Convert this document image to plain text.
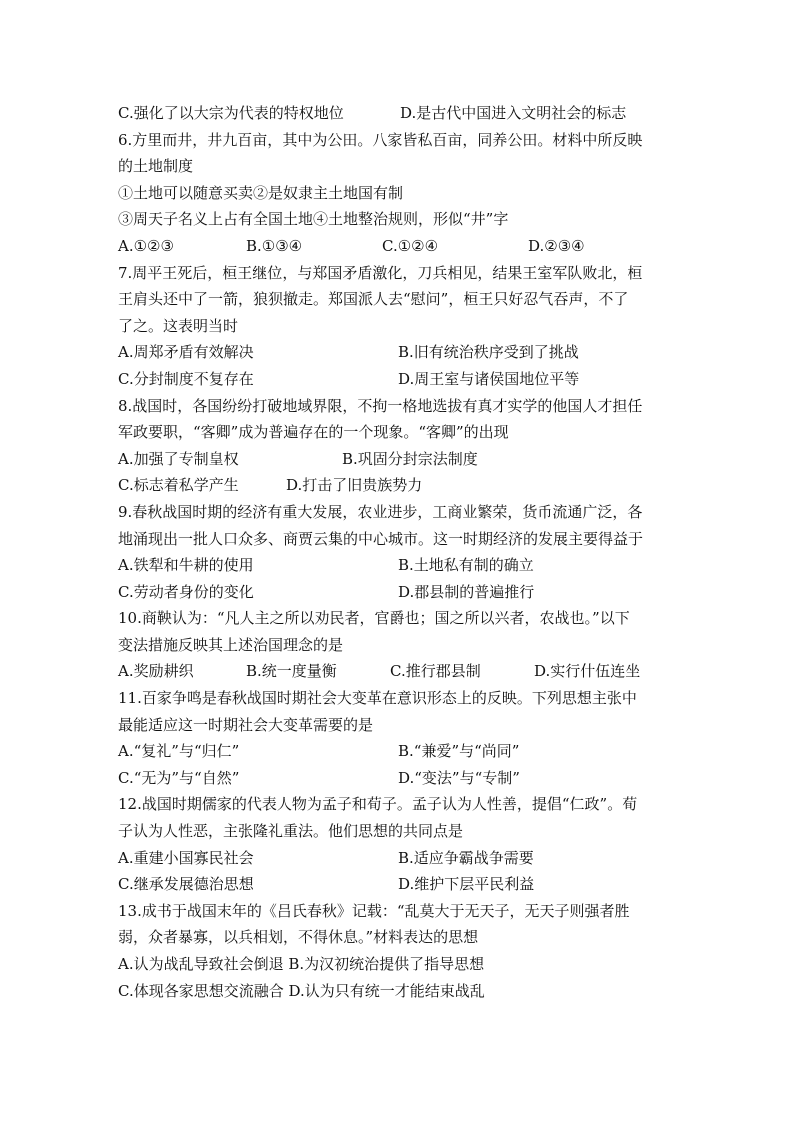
C.强化了以大宗为代表的特权地位	D.是古代中国进入文明社会的标志
6.方里而井，井九百亩，其中为公田。八家皆私百亩，同养公田。材料中所反映
的土地制度
①土地可以随意买卖②是奴隶主土地国有制
③周天子名义上占有全国土地④土地整治规则，形似“井”字
A.①②③	B.①③④	C.①②④	D.②③④
7.周平王死后，桓王继位，与郑国矛盾激化，刀兵相见，结果王室军队败北，桓
王肩头还中了一箭，狼狈撤走。郑国派人去“慰问”，桓王只好忍气吞声，不了
了之。这表明当时
A.周郑矛盾有效解决	B.旧有统治秩序受到了挑战
C.分封制度不复存在	D.周王室与诸侯国地位平等
8.战国时，各国纷纷打破地域界限，不拘一格地选拔有真才实学的他国人才担任
军政要职，“客卿”成为普遍存在的一个现象。“客卿”的出现
A.加强了专制皇权	B.巩固分封宗法制度
C.标志着私学产生	D.打击了旧贵族势力
9.春秋战国时期的经济有重大发展，农业进步，工商业繁荣，货币流通广泛，各
地涌现出一批人口众多、商贾云集的中心城市。这一时期经济的发展主要得益于
A.铁犁和牛耕的使用	B.土地私有制的确立
C.劳动者身份的变化	D.郡县制的普遍推行
10.商鞅认为：“凡人主之所以劝民者，官爵也；国之所以兴者，农战也。”以下
变法措施反映其上述治国理念的是
A.奖励耕织	B.统一度量衡	C.推行郡县制	D.实行什伍连坐
11.百家争鸣是春秋战国时期社会大变革在意识形态上的反映。下列思想主张中
最能适应这一时期社会大变革需要的是
A.“复礼”与“归仁”	B.“兼爱”与“尚同”
C.“无为”与“自然”	D.“变法”与“专制”
12.战国时期儒家的代表人物为孟子和荀子。孟子认为人性善，提倡“仁政”。荀
子认为人性恶，主张隆礼重法。他们思想的共同点是
A.重建小国寡民社会	B.适应争霸战争需要
C.继承发展德治思想	D.维护下层平民利益
13.成书于战国末年的《吕氏春秋》记载：“乱莫大于无天子，无天子则强者胜
弱，众者暴寡，以兵相划，不得休息。”材料表达的思想
A.认为战乱导致社会倒退 B.为汉初统治提供了指导思想
C.体现各家思想交流融合 D.认为只有统一才能结束战乱
